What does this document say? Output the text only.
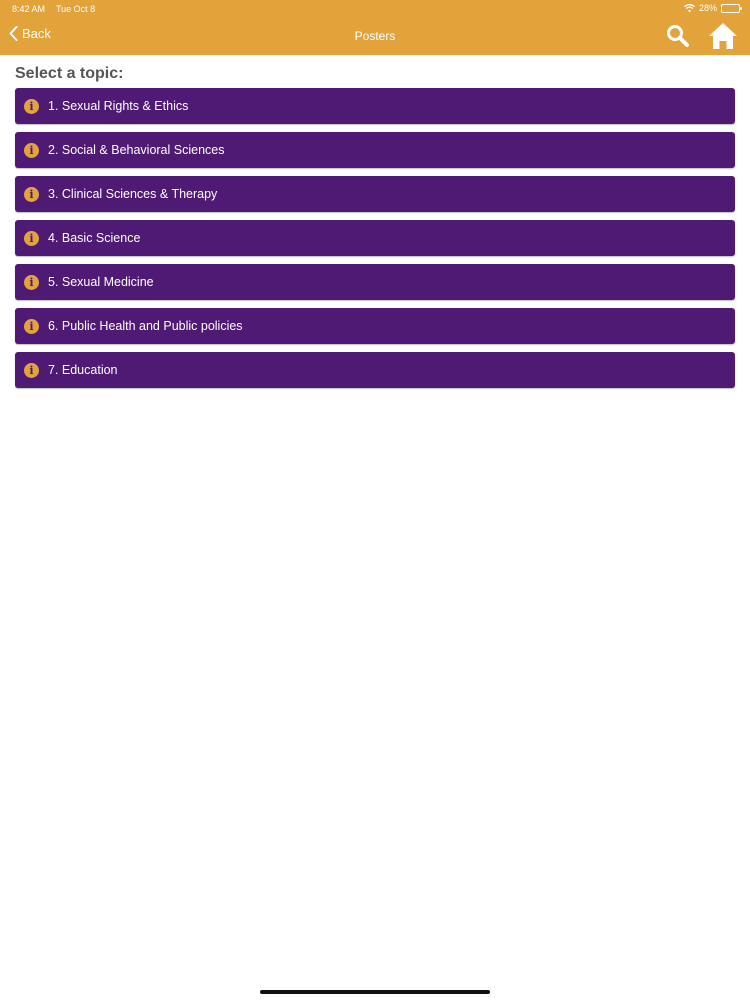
8:42 AM Tue Oct 8	28%
Back	Posters
Select a topic:
i	1. Sexual Rights & Ethics
i	2. Social & Behavioral Sciences
i	3. Clinical Sciences & Therapy
i	4. Basic Science
i	5. Sexual Medicine
i	6. Public Health and Public policies
i	7. Education
